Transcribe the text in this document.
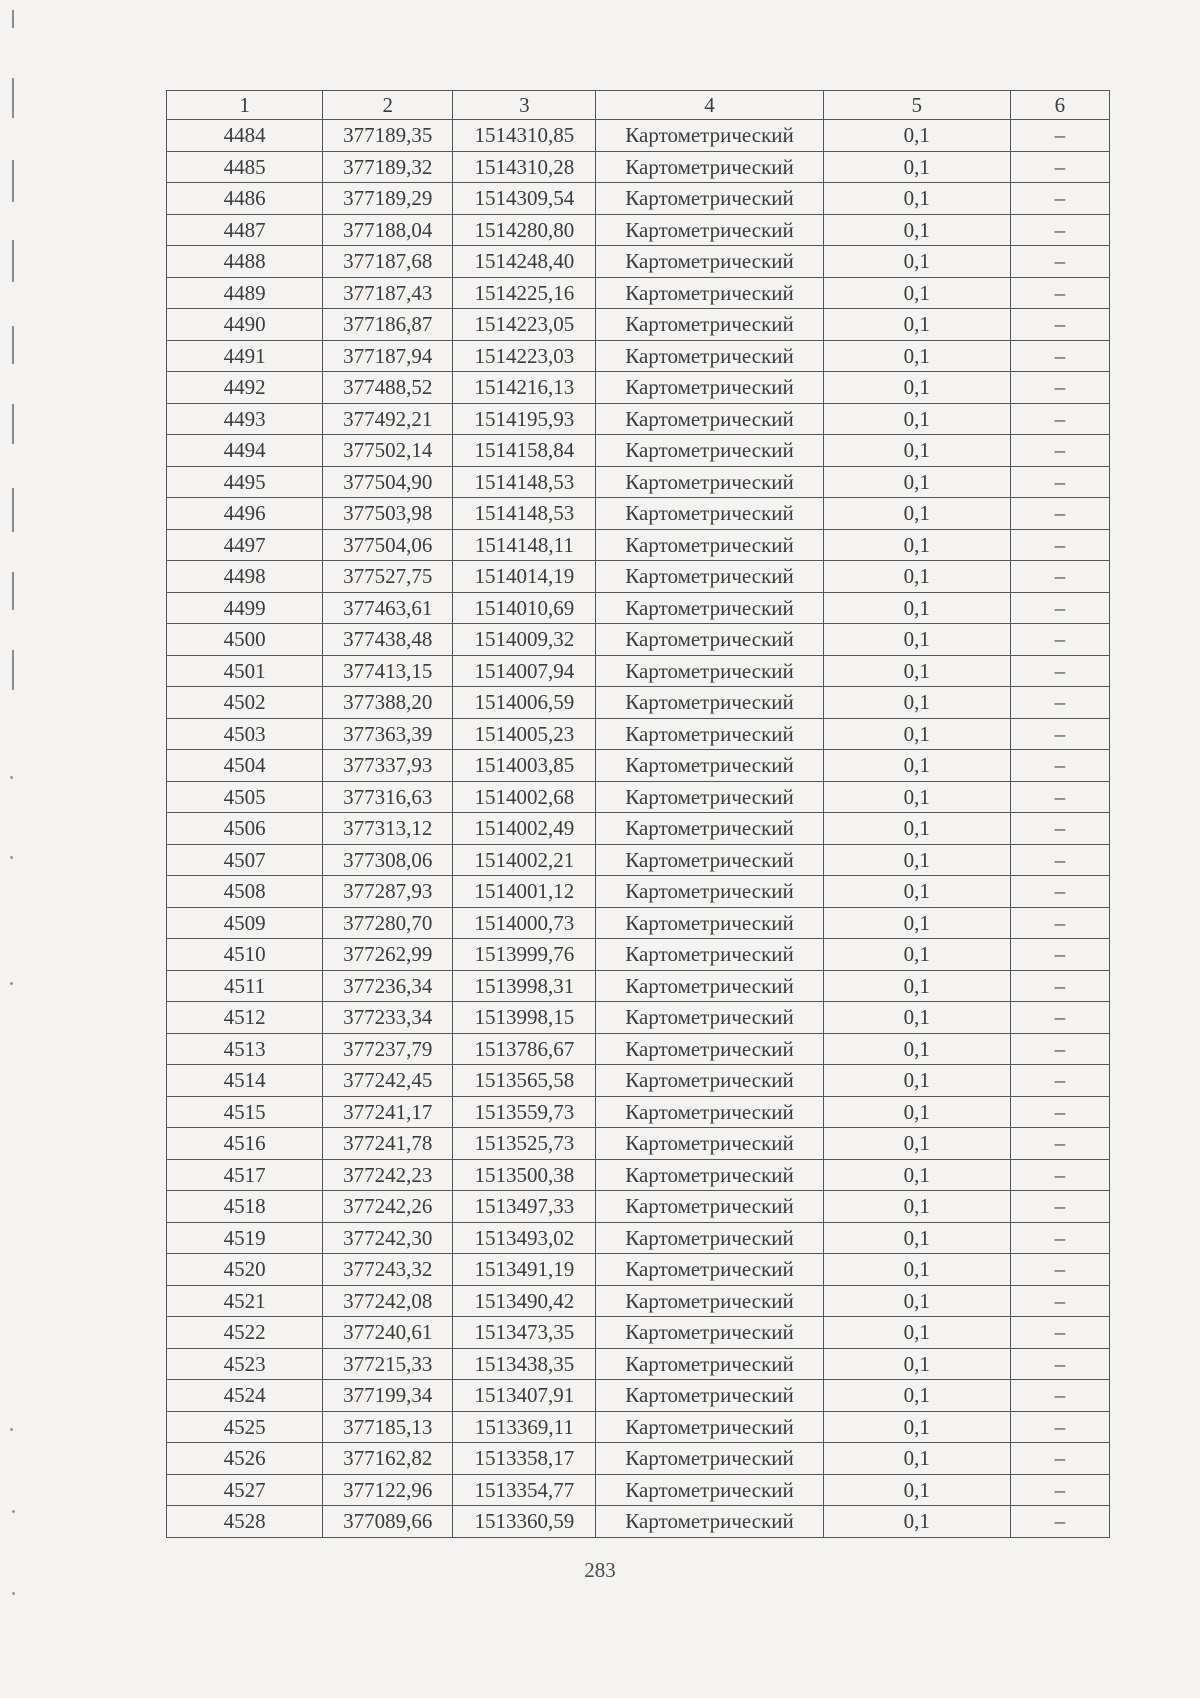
1	2	3	4	5	6
4484	377189,35	1514310,85	Картометрический	0,1	–
4485	377189,32	1514310,28	Картометрический	0,1	–
4486	377189,29	1514309,54	Картометрический	0,1	–
4487	377188,04	1514280,80	Картометрический	0,1	–
4488	377187,68	1514248,40	Картометрический	0,1	–
4489	377187,43	1514225,16	Картометрический	0,1	–
4490	377186,87	1514223,05	Картометрический	0,1	–
4491	377187,94	1514223,03	Картометрический	0,1	–
4492	377488,52	1514216,13	Картометрический	0,1	–
4493	377492,21	1514195,93	Картометрический	0,1	–
4494	377502,14	1514158,84	Картометрический	0,1	–
4495	377504,90	1514148,53	Картометрический	0,1	–
4496	377503,98	1514148,53	Картометрический	0,1	–
4497	377504,06	1514148,11	Картометрический	0,1	–
4498	377527,75	1514014,19	Картометрический	0,1	–
4499	377463,61	1514010,69	Картометрический	0,1	–
4500	377438,48	1514009,32	Картометрический	0,1	–
4501	377413,15	1514007,94	Картометрический	0,1	–
4502	377388,20	1514006,59	Картометрический	0,1	–
4503	377363,39	1514005,23	Картометрический	0,1	–
4504	377337,93	1514003,85	Картометрический	0,1	–
4505	377316,63	1514002,68	Картометрический	0,1	–
4506	377313,12	1514002,49	Картометрический	0,1	–
4507	377308,06	1514002,21	Картометрический	0,1	–
4508	377287,93	1514001,12	Картометрический	0,1	–
4509	377280,70	1514000,73	Картометрический	0,1	–
4510	377262,99	1513999,76	Картометрический	0,1	–
4511	377236,34	1513998,31	Картометрический	0,1	–
4512	377233,34	1513998,15	Картометрический	0,1	–
4513	377237,79	1513786,67	Картометрический	0,1	–
4514	377242,45	1513565,58	Картометрический	0,1	–
4515	377241,17	1513559,73	Картометрический	0,1	–
4516	377241,78	1513525,73	Картометрический	0,1	–
4517	377242,23	1513500,38	Картометрический	0,1	–
4518	377242,26	1513497,33	Картометрический	0,1	–
4519	377242,30	1513493,02	Картометрический	0,1	–
4520	377243,32	1513491,19	Картометрический	0,1	–
4521	377242,08	1513490,42	Картометрический	0,1	–
4522	377240,61	1513473,35	Картометрический	0,1	–
4523	377215,33	1513438,35	Картометрический	0,1	–
4524	377199,34	1513407,91	Картометрический	0,1	–
4525	377185,13	1513369,11	Картометрический	0,1	–
4526	377162,82	1513358,17	Картометрический	0,1	–
4527	377122,96	1513354,77	Картометрический	0,1	–
4528	377089,66	1513360,59	Картометрический	0,1	–
283
